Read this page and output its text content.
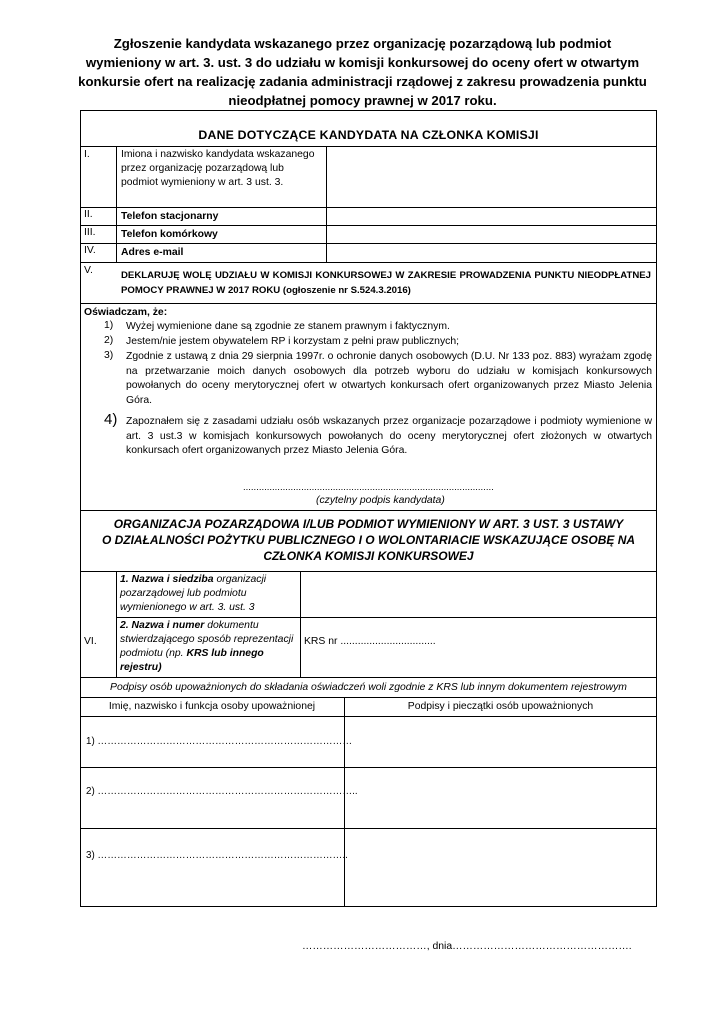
Zgłoszenie kandydata wskazanego przez organizację pozarządową lub podmiot
wymieniony w art. 3. ust. 3 do udziału w komisji konkursowej do oceny ofert w otwartym
konkursie ofert na realizację zadania administracji rządowej z zakresu prowadzenia punktu
nieodpłatnej pomocy prawnej w 2017 roku.
DANE DOTYCZĄCE KANDYDATA NA CZŁONKA KOMISJI
I.	Imiona i nazwisko kandydata wskazanego przez organizację pozarządową lub podmiot wymieniony w art. 3 ust. 3.
II.	Telefon stacjonarny
III. Telefon komórkowy
IV. Adres e-mail
V.	DEKLARUJĘ WOLĘ UDZIAŁU W KOMISJI KONKURSOWEJ W ZAKRESIE PROWADZENIA PUNKTU NIEODPŁATNEJ POMOCY PRAWNEJ W 2017 ROKU (ogłoszenie nr S.524.3.2016)
Oświadczam, że:
1) Wyżej wymienione dane są zgodnie ze stanem prawnym i faktycznym.
2) Jestem/nie jestem obywatelem RP i korzystam z pełni praw publicznych;
3) Zgodnie z ustawą z dnia 29 sierpnia 1997r. o ochronie danych osobowych (D.U. Nr 133 poz. 883) wyrażam zgodę na przetwarzanie moich danych osobowych dla potrzeb wyboru do udziału w komisjach konkursowych powołanych do oceny merytorycznej ofert w otwartych konkursach ofert organizowanych przez Miasto Jelenia Góra.
4) Zapoznałem się z zasadami udziału osób wskazanych przez organizacje pozarządowe i podmioty wymienione w art. 3 ust.3 w komisjach konkursowych powołanych do oceny merytorycznej ofert złożonych w otwartych konkursach ofert organizowanych przez Miasto Jelenia Góra.
...............................................................................................
(czytelny podpis kandydata)
ORGANIZACJA POZARZĄDOWA I/LUB PODMIOT WYMIENIONY W ART. 3 UST. 3 USTAWY
O DZIAŁALNOŚCI POŻYTKU PUBLICZNEGO I O WOLONTARIACIE WSKAZUJĄCE OSOBĘ NA
CZŁONKA KOMISJI KONKURSOWEJ
VI.
1. Nazwa i siedziba organizacji pozarządowej lub podmiotu wymienionego w art. 3. ust. 3
2. Nazwa i numer dokumentu stwierdzającego sposób reprezentacji podmiotu (np. KRS lub innego rejestru)
KRS nr .................................
Podpisy osób upoważnionych do składania oświadczeń woli zgodnie z KRS lub innym dokumentem rejestrowym
Imię, nazwisko i funkcja osoby upoważnionej	Podpisy i pieczątki osób upoważnionych
1) ……………………………………………………………………
2) ……………………………………………………………………..
3) …………………………………………………………………..
………………………………, dnia…………………………………………….
